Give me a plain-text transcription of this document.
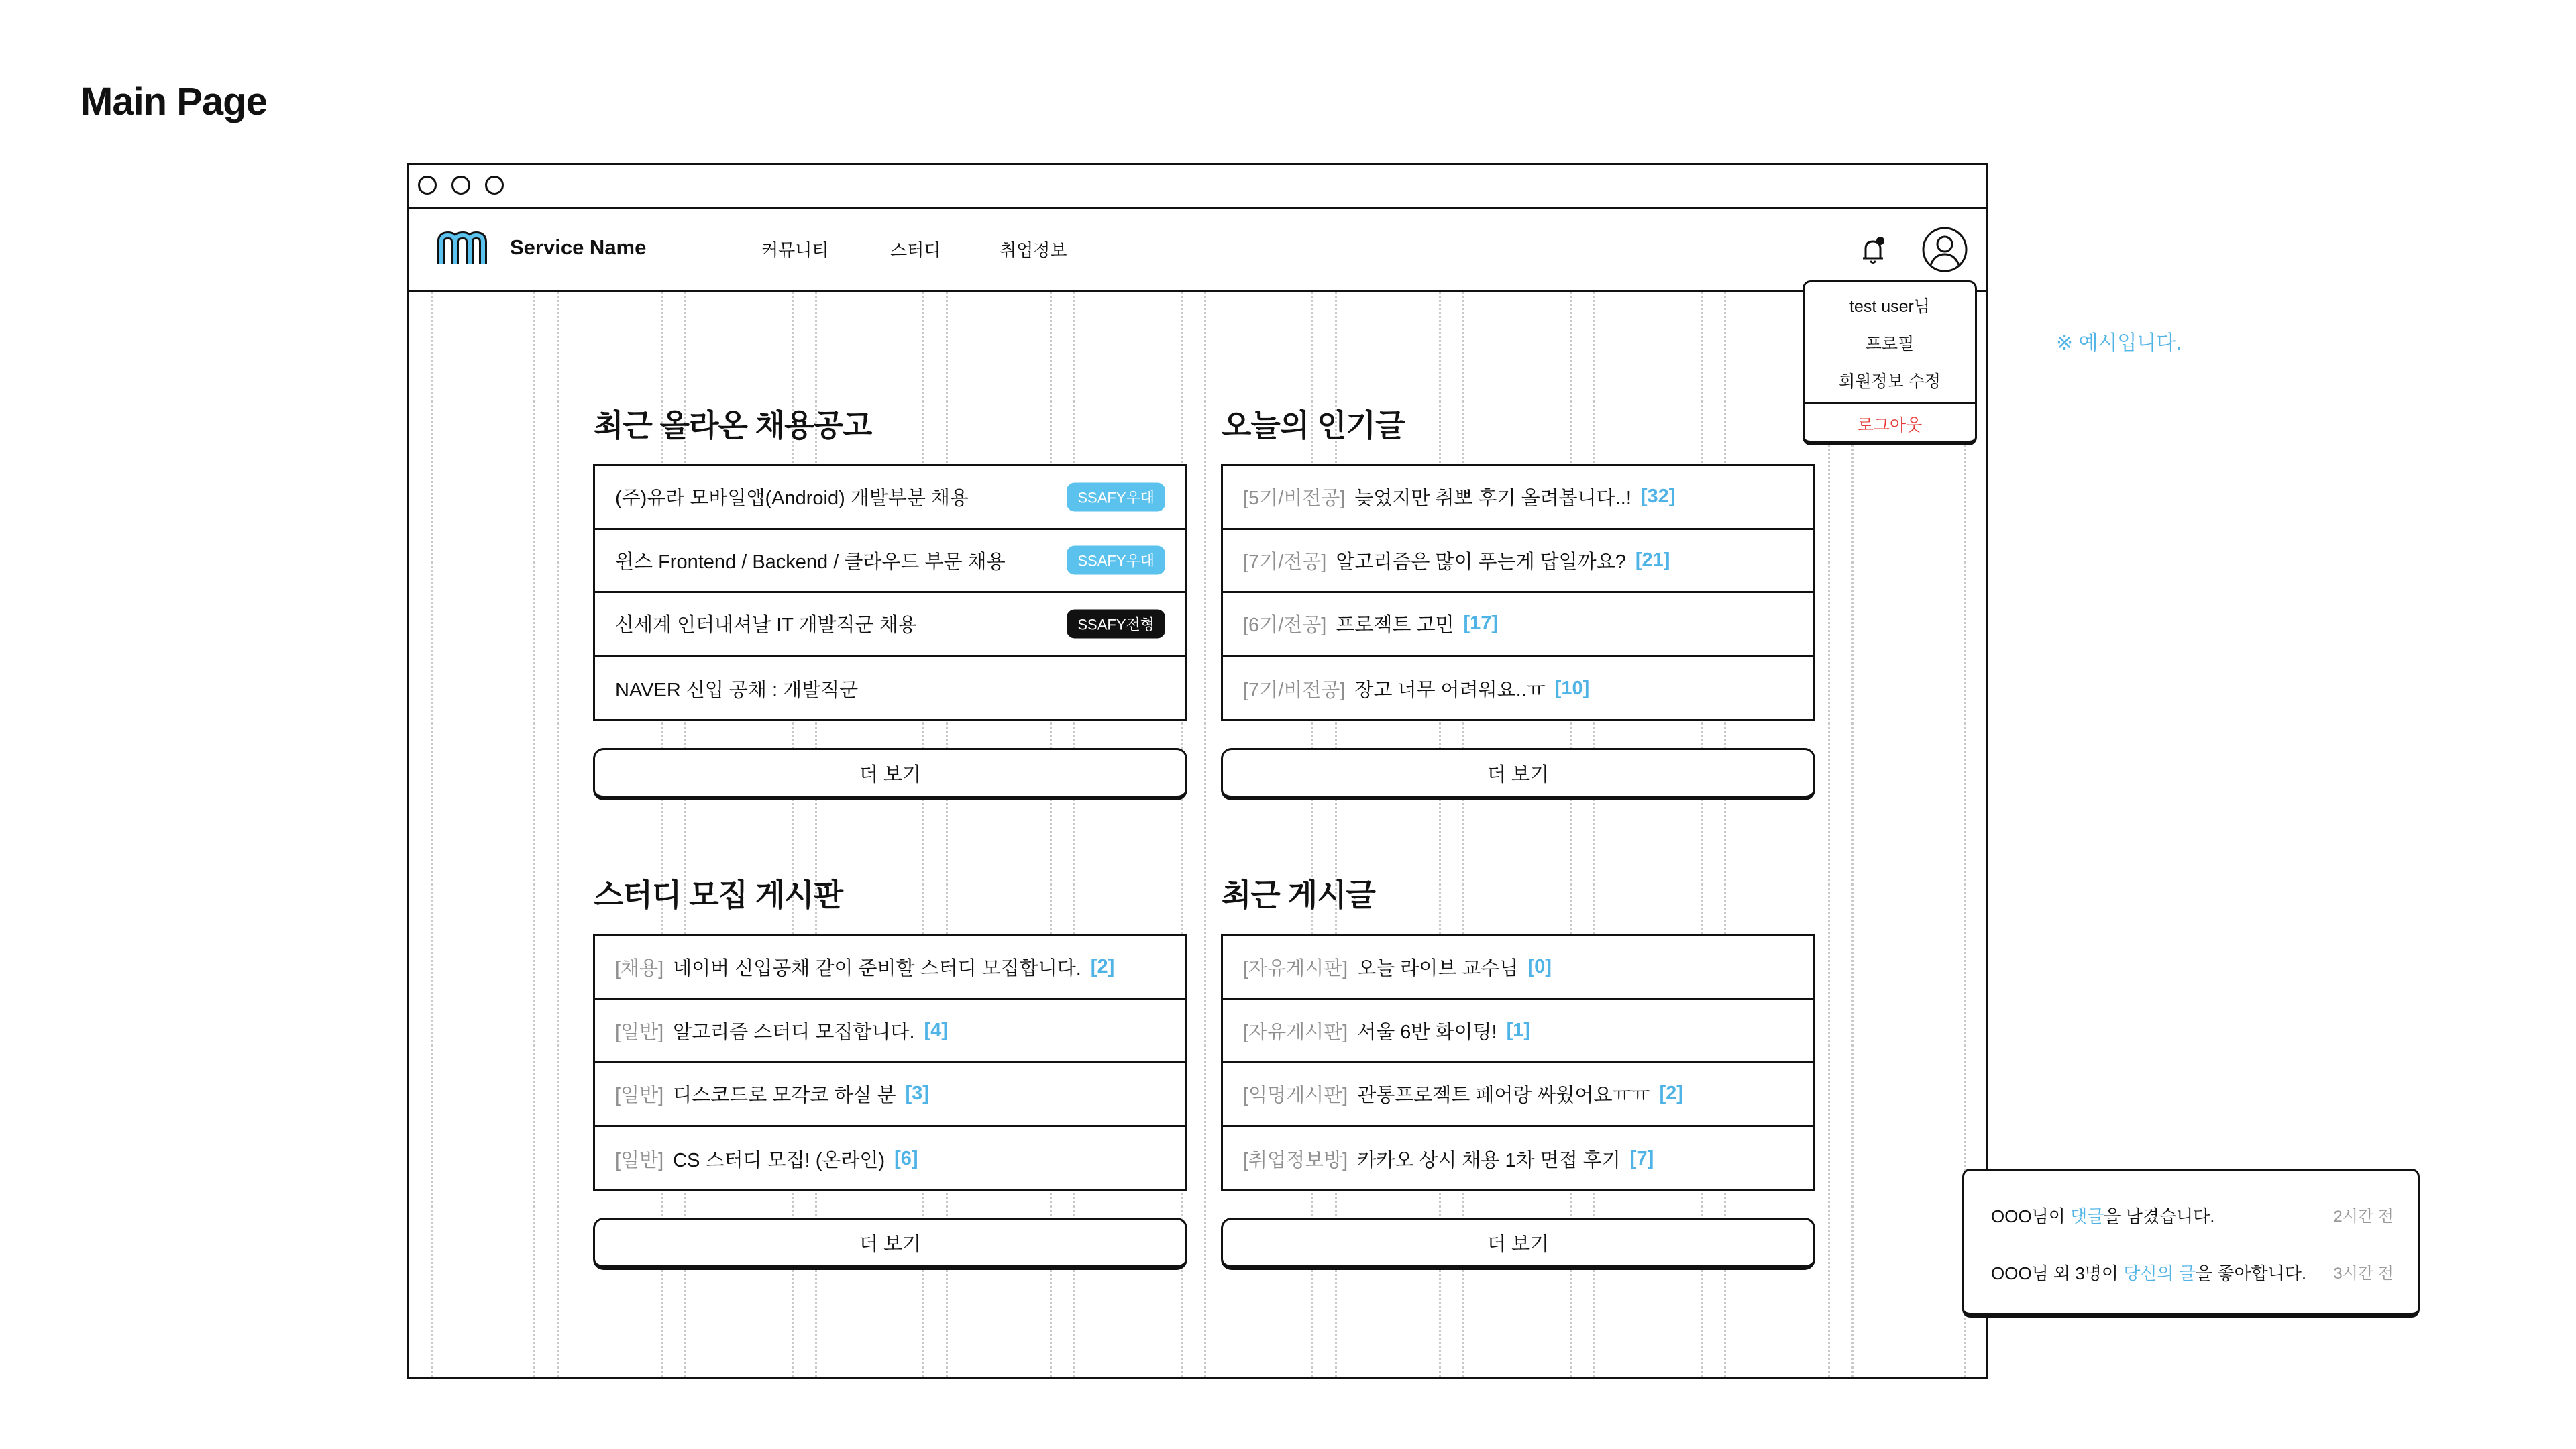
Main Page
Service Name	커뮤니티	스터디	취업정보
최근 올라온 채용공고
(주)유라 모바일앱(Android) 개발부분 채용	SSAFY우대
윈스 Frontend / Backend / 클라우드 부문 채용	SSAFY우대
신세계 인터내셔날 IT 개발직군 채용	SSAFY전형
NAVER 신입 공채 : 개발직군
더 보기
오늘의 인기글
[5기/비전공] 늦었지만 취뽀 후기 올려봅니다..! [32]
[7기/전공] 알고리즘은 많이 푸는게 답일까요? [21]
[6기/전공] 프로젝트 고민 [17]
[7기/비전공] 장고 너무 어려워요..ㅠ [10]
더 보기
스터디 모집 게시판
[채용] 네이버 신입공채 같이 준비할 스터디 모집합니다. [2]
[일반] 알고리즘 스터디 모집합니다. [4]
[일반] 디스코드로 모각코 하실 분 [3]
[일반] CS 스터디 모집! (온라인) [6]
더 보기
최근 게시글
[자유게시판] 오늘 라이브 교수님 [0]
[자유게시판] 서울 6반 화이팅! [1]
[익명게시판] 관통프로젝트 페어랑 싸웠어요ㅠㅠ [2]
[취업정보방] 카카오 상시 채용 1차 면접 후기 [7]
더 보기
test user님
프로필
회원정보 수정
로그아웃
※ 예시입니다.
OOO님이 댓글을 남겼습니다.	2시간 전
OOO님 외 3명이 당신의 글을 좋아합니다. 3시간 전
